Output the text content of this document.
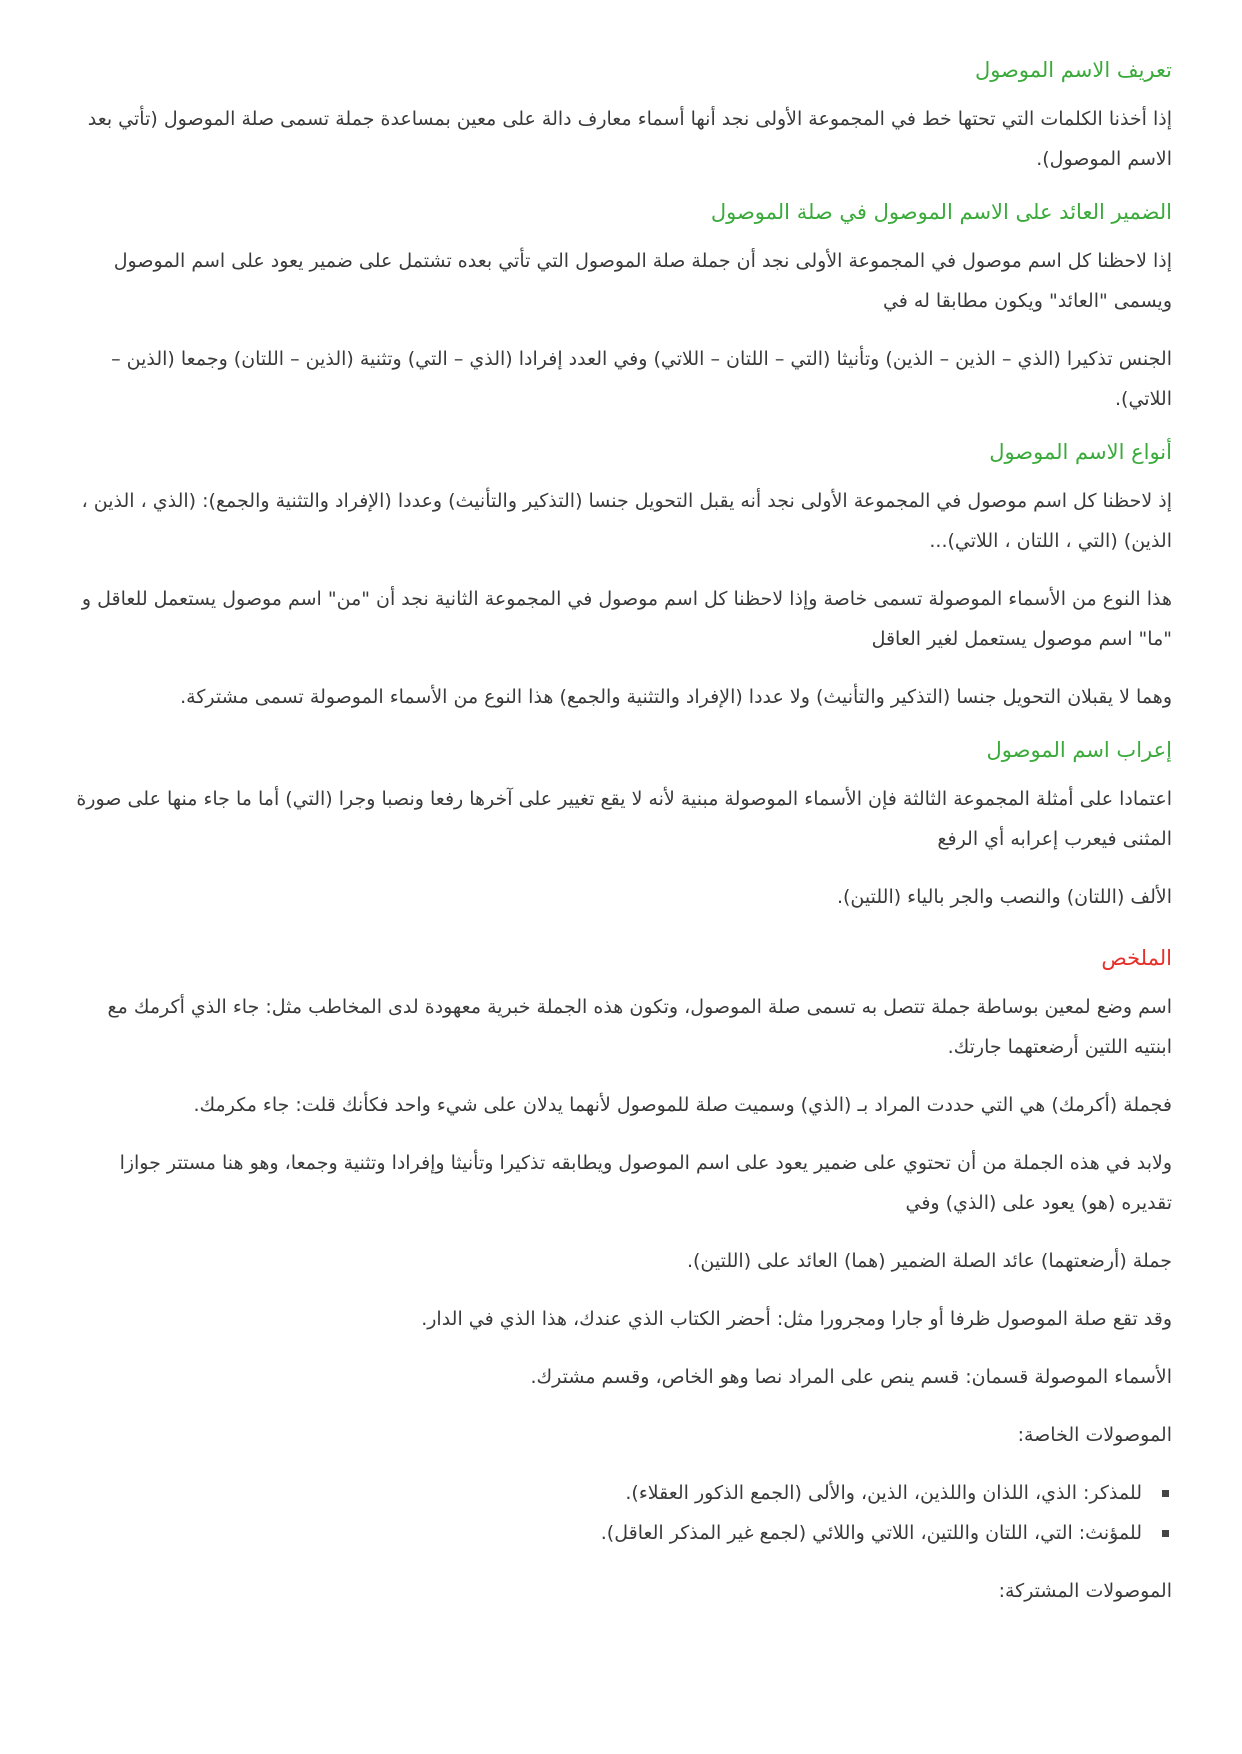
تعريف الاسم الموصول

إذا أخذنا الكلمات التي تحتها خط في المجموعة الأولى نجد أنها أسماء معارف دالة على معين بمساعدة جملة تسمى صلة الموصول (تأتي بعد الاسم الموصول).

الضمير العائد على الاسم الموصول في صلة الموصول

إذا لاحظنا كل اسم موصول في المجموعة الأولى نجد أن جملة صلة الموصول التي تأتي بعده تشتمل على ضمير يعود على اسم الموصول ويسمى "العائد" ويكون مطابقا له في

الجنس تذكيرا (الذي – الذين – الذين) وتأنيثا (التي – اللتان – اللاتي) وفي العدد إفرادا (الذي – التي) وتثنية (الذين – اللتان) وجمعا (الذين – اللاتي).

أنواع الاسم الموصول

إذ لاحظنا كل اسم موصول في المجموعة الأولى نجد أنه يقبل التحويل جنسا (التذكير والتأنيث) وعددا (الإفراد والتثنية والجمع): (الذي ، الذين ، الذين) (التي ، اللتان ، اللاتي)...

هذا النوع من الأسماء الموصولة تسمى خاصة وإذا لاحظنا كل اسم موصول في المجموعة الثانية نجد أن "من" اسم موصول يستعمل للعاقل و "ما" اسم موصول يستعمل لغير العاقل

وهما لا يقبلان التحويل جنسا (التذكير والتأنيث) ولا عددا (الإفراد والتثنية والجمع) هذا النوع من الأسماء الموصولة تسمى مشتركة.

إعراب اسم الموصول

اعتمادا على أمثلة المجموعة الثالثة فإن الأسماء الموصولة مبنية لأنه لا يقع تغيير على آخرها رفعا ونصبا وجرا (التي) أما ما جاء منها على صورة المثنى فيعرب إعرابه أي الرفع

الألف (اللتان) والنصب والجر بالياء (اللتين).

الملخص

اسم وضع لمعين بوساطة جملة تتصل به تسمى صلة الموصول، وتكون هذه الجملة خبرية معهودة لدى المخاطب مثل: جاء الذي أكرمك مع ابنتيه اللتين أرضعتهما جارتك.

فجملة (أكرمك) هي التي حددت المراد بـ (الذي) وسميت صلة للموصول لأنهما يدلان على شيء واحد فكأنك قلت: جاء مكرمك.

ولابد في هذه الجملة من أن تحتوي على ضمير يعود على اسم الموصول ويطابقه تذكيرا وتأنيثا وإفرادا وتثنية وجمعا، وهو هنا مستتر جوازا تقديره (هو) يعود على (الذي) وفي

جملة (أرضعتهما) عائد الصلة الضمير (هما) العائد على (اللتين).

وقد تقع صلة الموصول ظرفا أو جارا ومجرورا مثل: أحضر الكتاب الذي عندك، هذا الذي في الدار.

الأسماء الموصولة قسمان: قسم ينص على المراد نصا وهو الخاص، وقسم مشترك.

الموصولات الخاصة:

للمذكر: الذي، اللذان واللذين، الذين، والألى (الجمع الذكور العقلاء).
للمؤنث: التي، اللتان واللتين، اللاتي واللائي (لجمع غير المذكر العاقل).

الموصولات المشتركة:
